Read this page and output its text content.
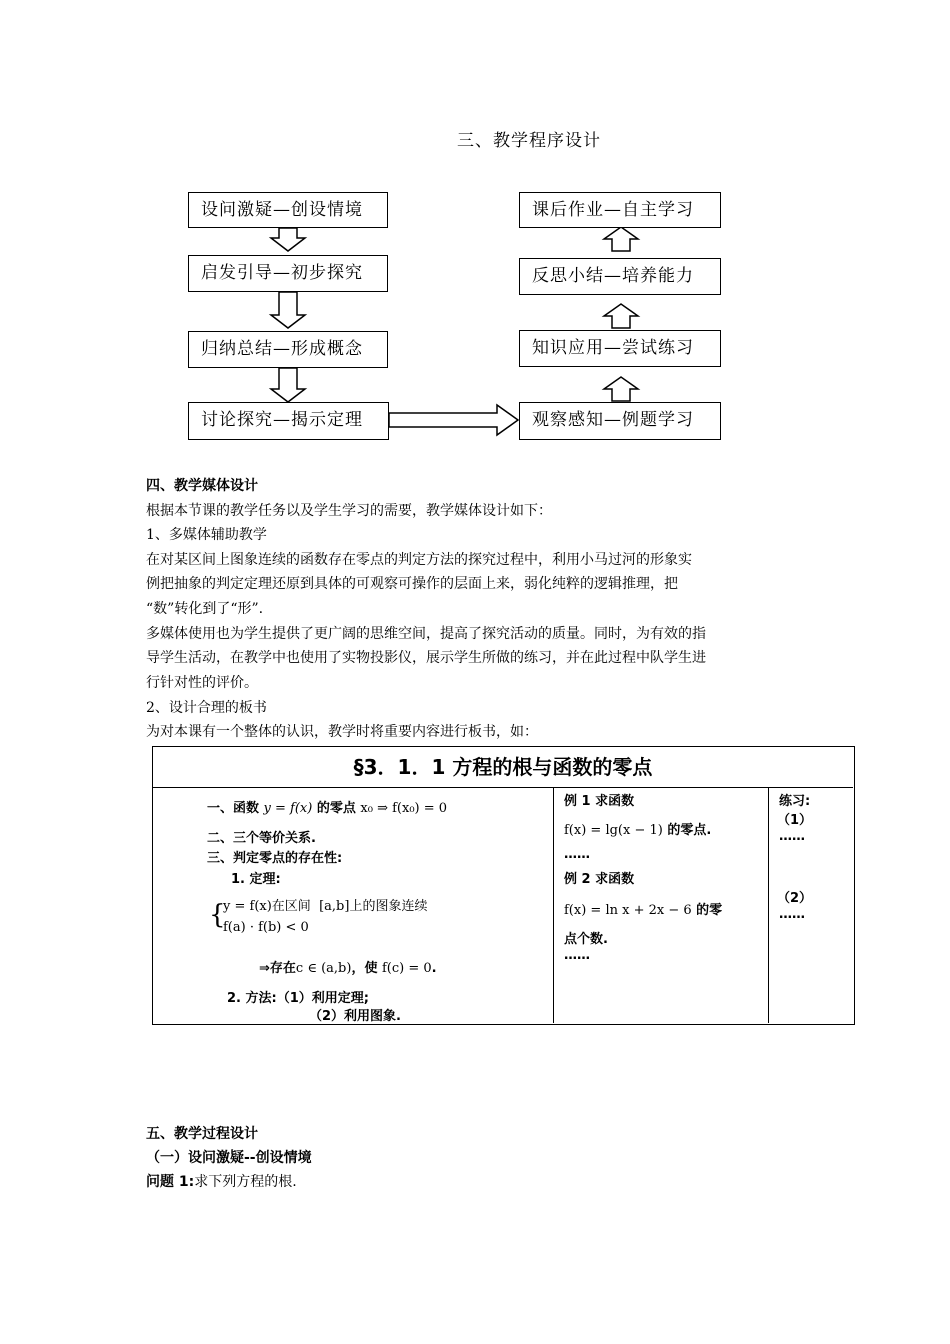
三、教学程序设计
设问激疑—创设情境
启发引导—初步探究
归纳总结—形成概念
讨论探究—揭示定理
课后作业—自主学习
反思小结—培养能力
知识应用—尝试练习
观察感知—例题学习
四、教学媒体设计
根据本节课的教学任务以及学生学习的需要，教学媒体设计如下：
1、多媒体辅助教学
在对某区间上图象连续的函数存在零点的判定方法的探究过程中，利用小马过河的形象实
例把抽象的判定定理还原到具体的可观察可操作的层面上来，弱化纯粹的逻辑推理，把
“数”转化到了“形”.
多媒体使用也为学生提供了更广阔的思维空间，提高了探究活动的质量。同时，为有效的指
导学生活动，在教学中也使用了实物投影仪，展示学生所做的练习，并在此过程中队学生进
行针对性的评价。
2、设计合理的板书
为对本课有一个整体的认识，教学时将重要内容进行板书，如：
§3．1．1 方程的根与函数的零点
一、函数 y = f(x) 的零点 x₀ ⇒ f(x₀) = 0
二、三个等价关系.
三、判定零点的存在性:
1. 定理:
{
y = f(x)在区间 [a,b]上的图象连续
f(a) · f(b) < 0
⇒存在c ∈ (a,b)，使 f(c) = 0.
2. 方法:（1）利用定理;
（2）利用图象.
例 1 求函数
f(x) = lg(x − 1) 的零点.
……
例 2 求函数
f(x) = ln x + 2x − 6 的零
点个数.
……
练习:
（1）
……
（2）
……
五、教学过程设计
（一）设问激疑--创设情境
问题 1:求下列方程的根.
